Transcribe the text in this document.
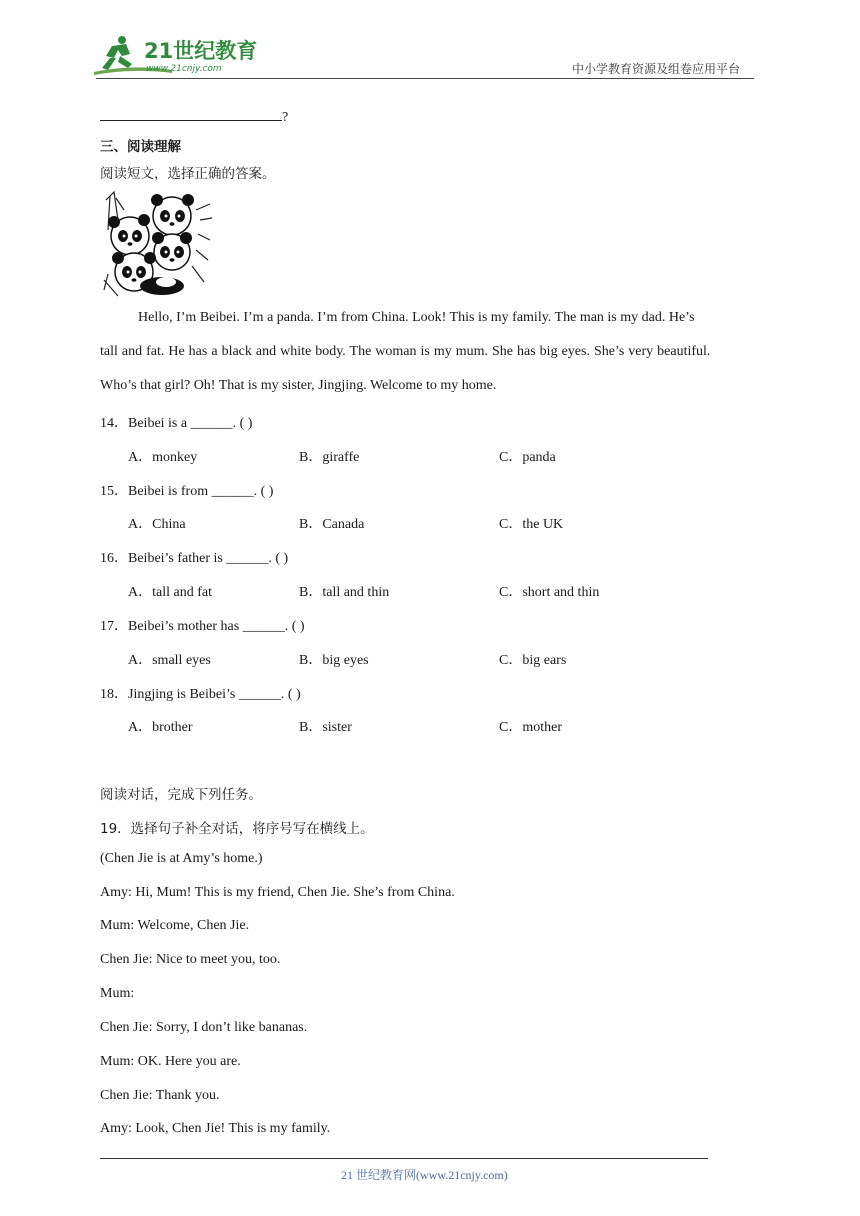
21世纪教育
www.21cnjy.com	中小学教育资源及组卷应用平台
?
三、阅读理解
阅读短文，选择正确的答案。
Hello, I’m Beibei. I’m a panda. I’m from China. Look! This is my family. The man is my dad. He’s
tall and fat. He has a black and white body. The woman is my mum. She has big eyes. She’s very beautiful.
Who’s that girl? Oh! That is my sister, Jingjing. Welcome to my home.
14．Beibei is a ______. ( )
A．monkey	B．giraffe	C．panda
15．Beibei is from ______. ( )
A．China	B．Canada	C．the UK
16．Beibei’s father is ______. ( )
A．tall and fat	B．tall and thin	C．short and thin
17．Beibei’s mother has ______. ( )
A．small eyes	B．big eyes	C．big ears
18．Jingjing is Beibei’s ______. ( )
A．brother	B．sister	C．mother
阅读对话，完成下列任务。
19．选择句子补全对话，将序号写在横线上。
(Chen Jie is at Amy’s home.)
Amy: Hi, Mum! This is my friend, Chen Jie. She’s from China.
Mum: Welcome, Chen Jie.
Chen Jie: Nice to meet you, too.
Mum:
Chen Jie: Sorry, I don’t like bananas.
Mum: OK. Here you are.
Chen Jie: Thank you.
Amy: Look, Chen Jie! This is my family.
21 世纪教育网(www.21cnjy.com)
